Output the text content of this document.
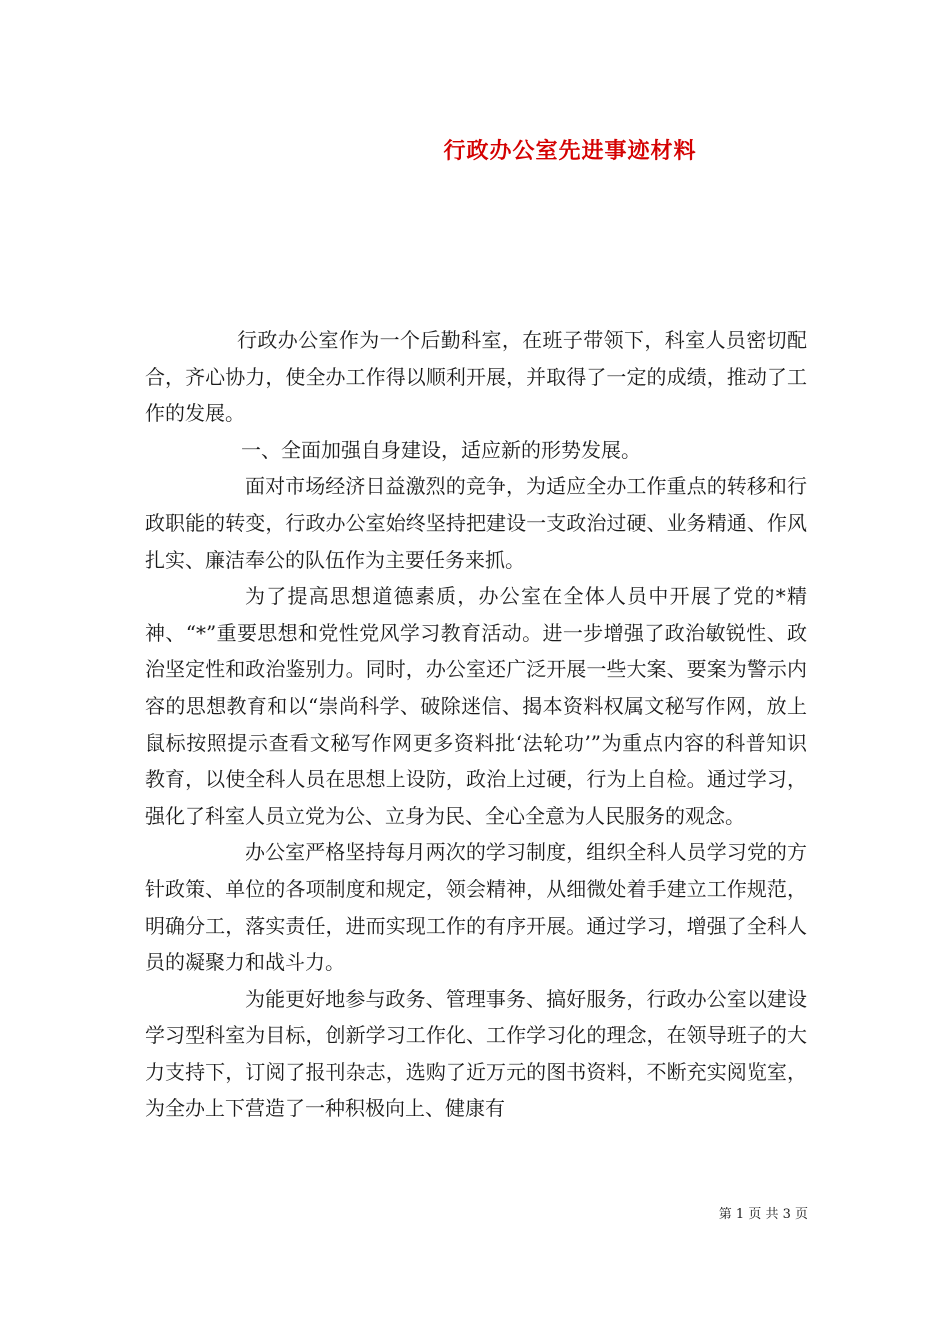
行政办公室先进事迹材料

行政办公室作为一个后勤科室，在班子带领下，科室人员密切配合，齐心协力，使全办工作得以顺利开展，并取得了一定的成绩，推动了工作的发展。

一、全面加强自身建设，适应新的形势发展。

面对市场经济日益激烈的竞争，为适应全办工作重点的转移和行政职能的转变，行政办公室始终坚持把建设一支政治过硬、业务精通、作风扎实、廉洁奉公的队伍作为主要任务来抓。

为了提高思想道德素质，办公室在全体人员中开展了党的*精神、“*”重要思想和党性党风学习教育活动。进一步增强了政治敏锐性、政治坚定性和政治鉴别力。同时，办公室还广泛开展一些大案、要案为警示内容的思想教育和以“崇尚科学、破除迷信、揭本资料权属文秘写作网，放上鼠标按照提示查看文秘写作网更多资料批‘法轮功’”为重点内容的科普知识教育，以使全科人员在思想上设防，政治上过硬，行为上自检。通过学习，强化了科室人员立党为公、立身为民、全心全意为人民服务的观念。

办公室严格坚持每月两次的学习制度，组织全科人员学习党的方针政策、单位的各项制度和规定，领会精神，从细微处着手建立工作规范，明确分工，落实责任，进而实现工作的有序开展。通过学习，增强了全科人员的凝聚力和战斗力。

为能更好地参与政务、管理事务、搞好服务，行政办公室以建设学习型科室为目标，创新学习工作化、工作学习化的理念，在领导班子的大力支持下，订阅了报刊杂志，选购了近万元的图书资料，不断充实阅览室，为全办上下营造了一种积极向上、健康有

第 1 页 共 3 页
